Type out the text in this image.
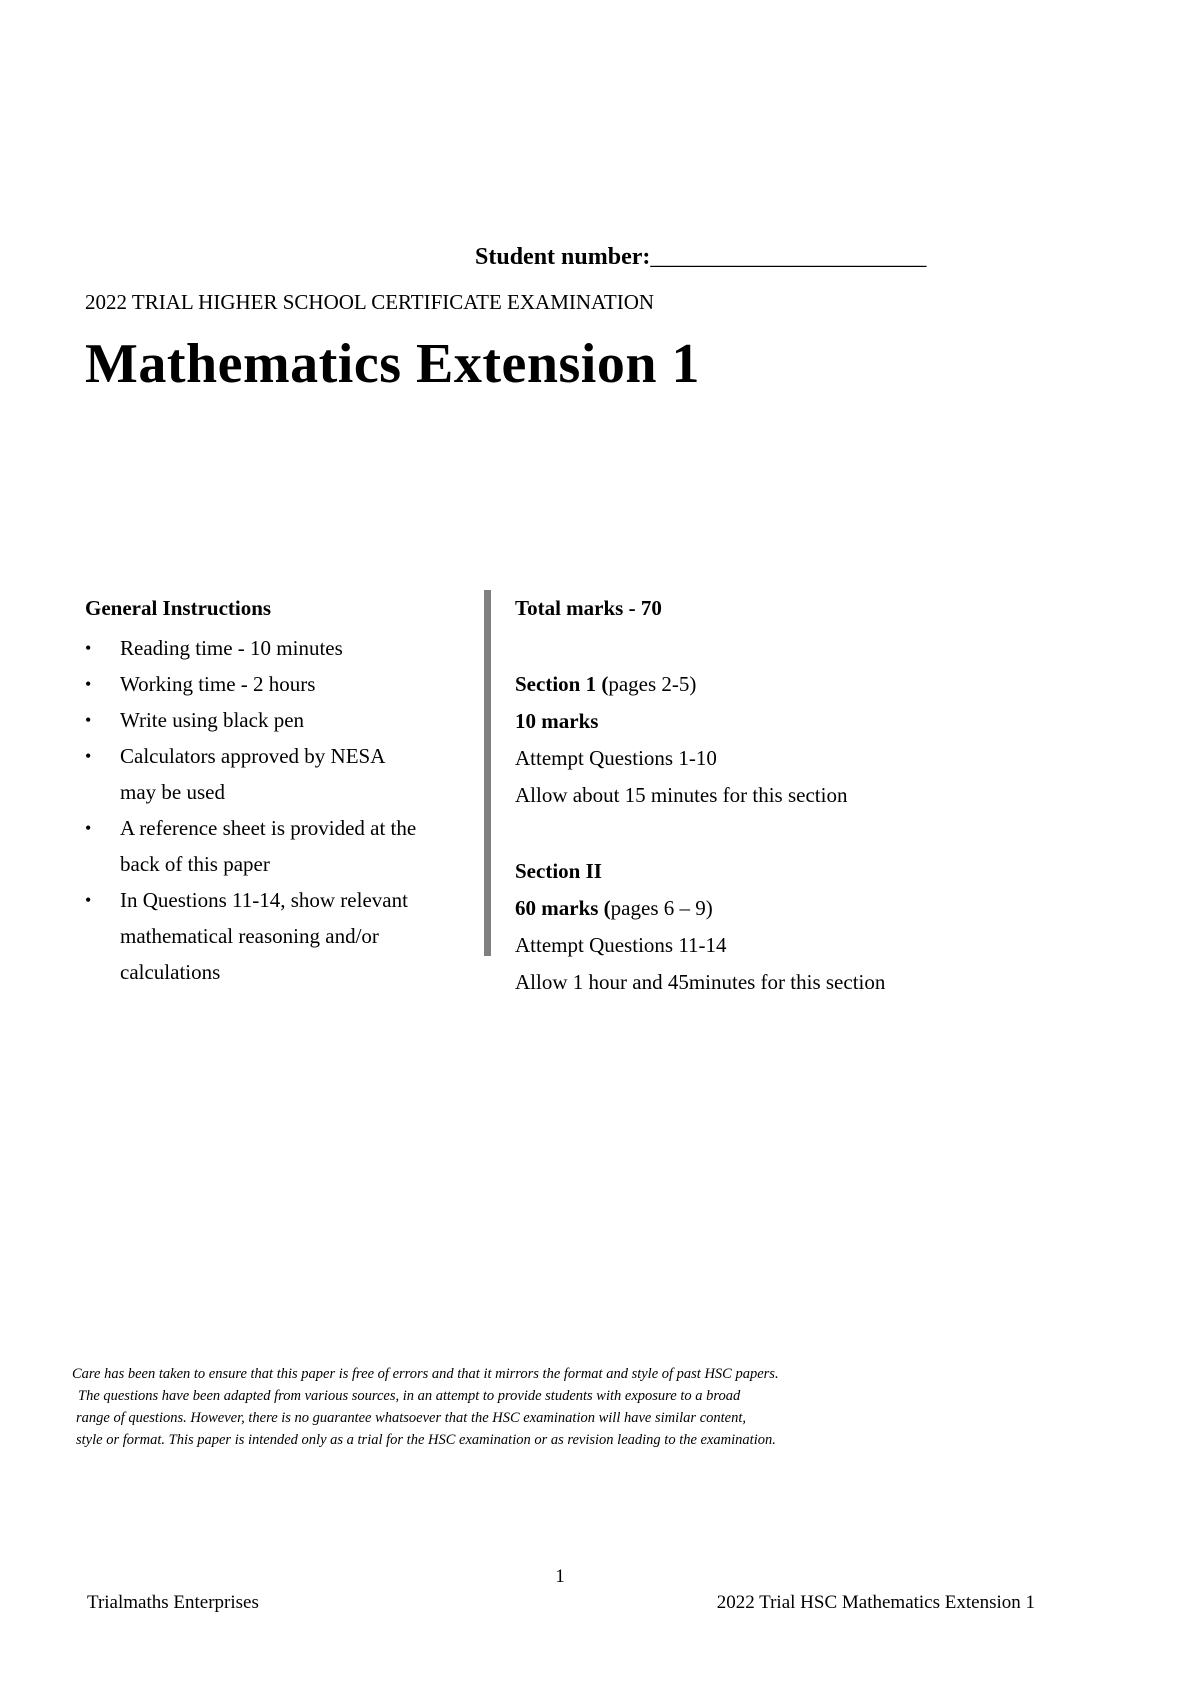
Student number:_______________________
2022 TRIAL HIGHER SCHOOL CERTIFICATE EXAMINATION
Mathematics Extension 1
General Instructions
• Reading time - 10 minutes
• Working time - 2 hours
• Write using black pen
• Calculators approved by NESA
may be used
• A reference sheet is provided at the
back of this paper
• In Questions 11-14, show relevant
mathematical reasoning and/or
calculations
Total marks - 70
Section 1 (pages 2-5)
10 marks
Attempt Questions 1-10
Allow about 15 minutes for this section
Section II
60 marks (pages 6 – 9)
Attempt Questions 11-14
Allow 1 hour and 45minutes for this section
Care has been taken to ensure that this paper is free of errors and that it mirrors the format and style of past HSC papers.
The questions have been adapted from various sources, in an attempt to provide students with exposure to a broad
range of questions. However, there is no guarantee whatsoever that the HSC examination will have similar content,
style or format. This paper is intended only as a trial for the HSC examination or as revision leading to the examination.
1
Trialmaths Enterprises	2022 Trial HSC Mathematics Extension 1
